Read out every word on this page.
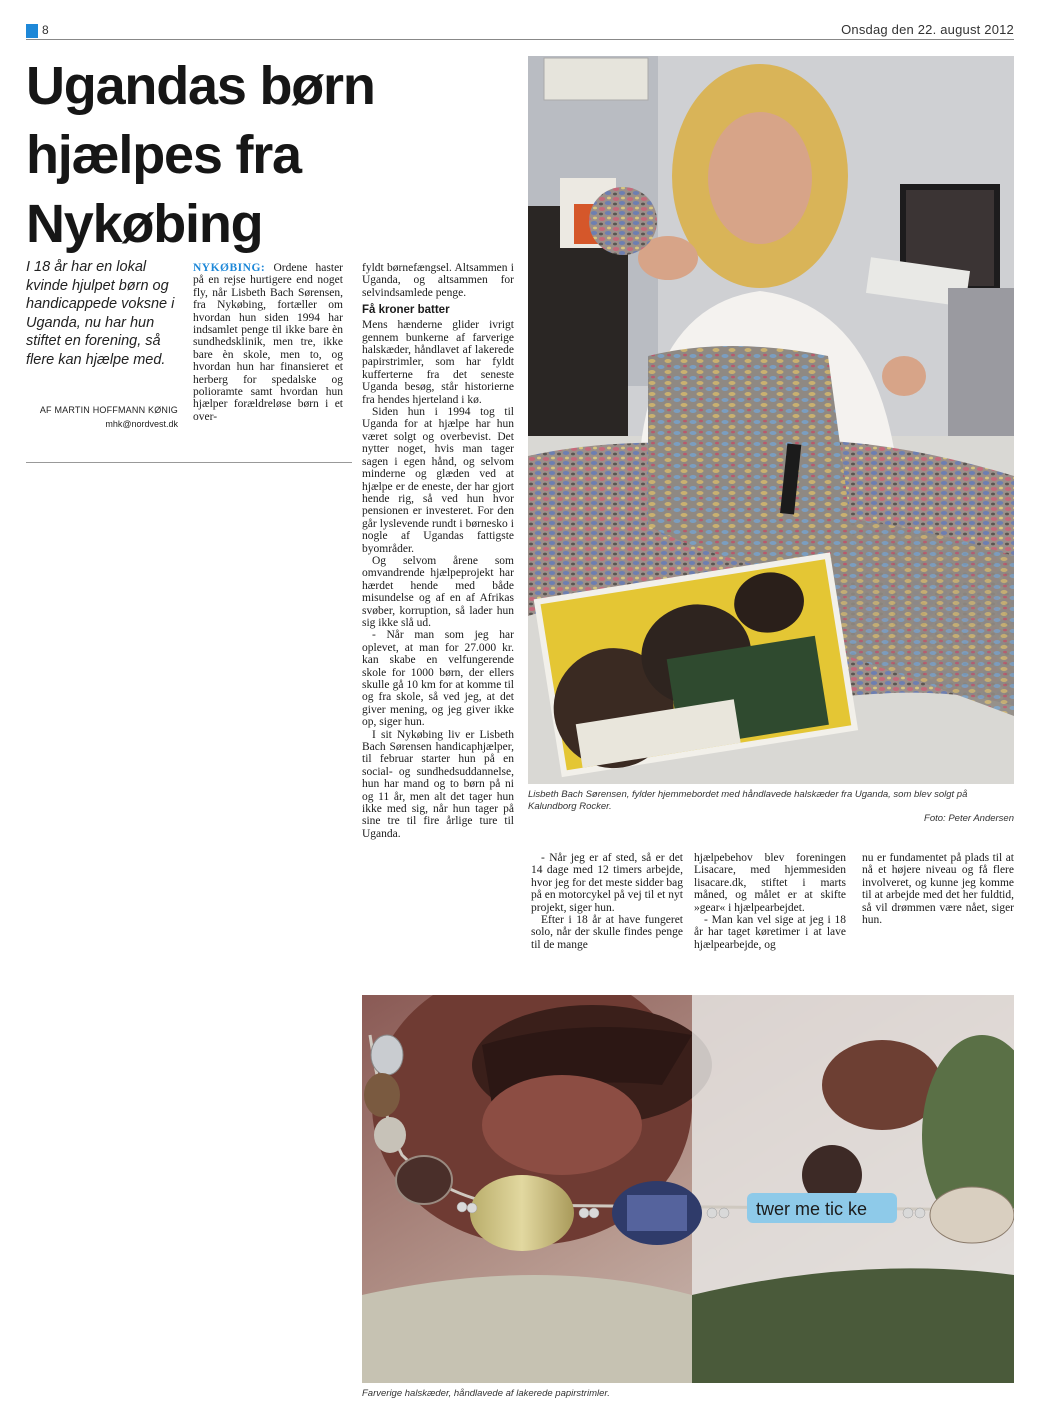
8	Onsdag den 22. august 2012
Ugandas børn hjælpes fra Nykøbing

I 18 år har en lokal kvinde hjulpet børn og handicappede voksne i Uganda, nu har hun stiftet en forening, så flere kan hjælpe med.

AF MARTIN HOFFMANN KØNIG
mhk@nordvest.dk

NYKØBING: Ordene haster på en rejse hurtigere end noget fly, når Lisbeth Bach Sørensen, fra Nykøbing, fortæller om hvordan hun siden 1994 har indsamlet penge til ikke bare èn sundhedsklinik, men tre, ikke bare èn skole, men to, og hvordan hun har finansieret et herberg for spedalske og polioramte samt hvordan hun hjælper forældreløse børn i et over-

fyldt børnefængsel. Altsammen i Uganda, og altsammen for selvindsamlede penge.

Få kroner batter

Mens hænderne glider ivrigt gennem bunkerne af farverige halskæder, håndlavet af lakerede papirstrimler, som har fyldt kufferterne fra det seneste Uganda besøg, står historierne fra hendes hjerteland i kø.

Siden hun i 1994 tog til Uganda for at hjælpe har hun været solgt og overbevist. Det nytter noget, hvis man tager sagen i egen hånd, og selvom minderne og glæden ved at hjælpe er de eneste, der har gjort hende rig, så ved hun hvor pensionen er investeret. For den går lyslevende rundt i børnesko i nogle af Ugandas fattigste byområder.

Og selvom årene som omvandrende hjælpeprojekt har hærdet hende med både misundelse og af en af Afrikas svøber, korruption, så lader hun sig ikke slå ud.

- Når man som jeg har oplevet, at man for 27.000 kr. kan skabe en velfungerende skole for 1000 børn, der ellers skulle gå 10 km for at komme til og fra skole, så ved jeg, at det giver mening, og jeg giver ikke op, siger hun.

I sit Nykøbing liv er Lisbeth Bach Sørensen handicaphjælper, til februar starter hun på en social- og sundhedsuddannelse, hun har mand og to børn på ni og 11 år, men alt det tager hun ikke med sig, når hun tager på sine tre til fire årlige ture til Uganda.

Lisbeth Bach Sørensen, fylder hjemmebordet med håndlavede halskæder fra Uganda, som blev solgt på Kalundborg Rocker.
Foto: Peter Andersen

- Når jeg er af sted, så er det 14 dage med 12 timers arbejde, hvor jeg for det meste sidder bag på en motorcykel på vej til et nyt projekt, siger hun.

Efter i 18 år at have fungeret solo, når der skulle findes penge til de mange

hjælpebehov blev foreningen Lisacare, med hjemmesiden lisacare.dk, stiftet i marts måned, og målet er at skifte »gear« i hjælpearbejdet.

- Man kan vel sige at jeg i 18 år har taget køretimer i at lave hjælpearbejde, og

nu er fundamentet på plads til at nå et højere niveau og få flere involveret, og kunne jeg komme til at arbejde med det her fuldtid, så vil drømmen være nået, siger hun.

twer me tic ke
Farverige halskæder, håndlavede af lakerede papirstrimler.
